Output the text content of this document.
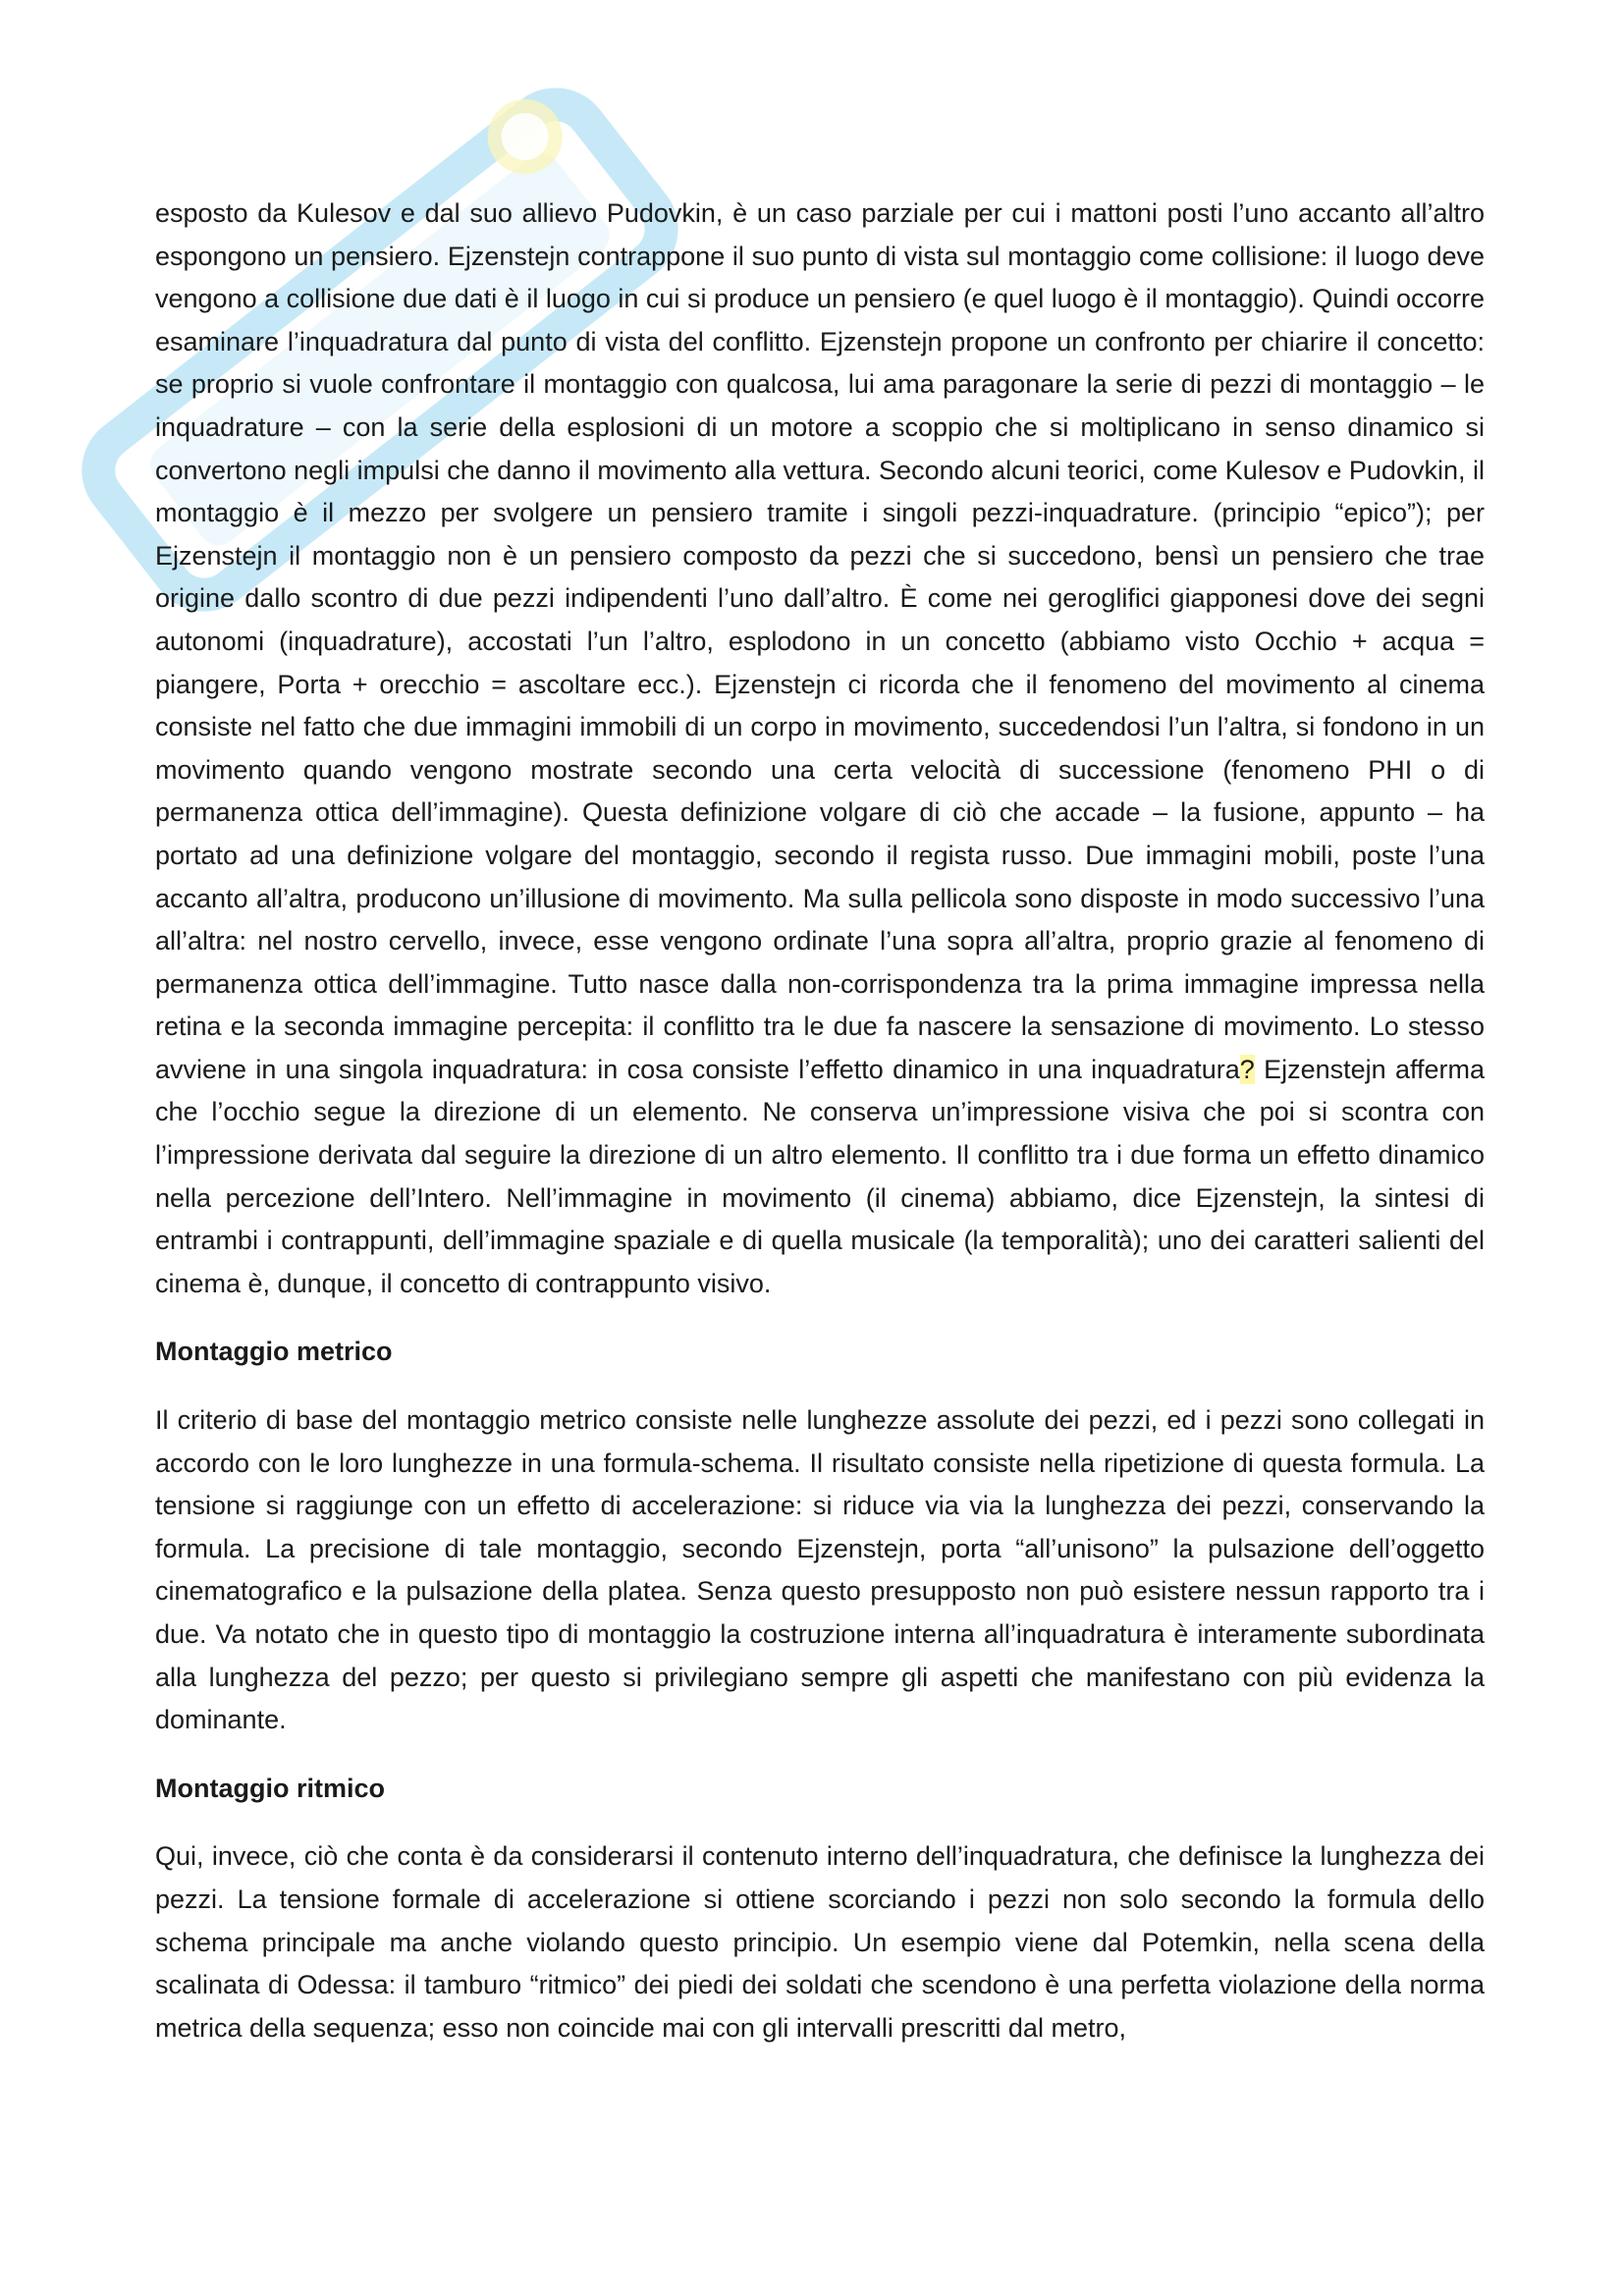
esposto da Kulesov e dal suo allievo Pudovkin, è un caso parziale per cui i mattoni posti l’uno accanto all’altro espongono un pensiero. Ejzenstejn contrappone il suo punto di vista sul montaggio come collisione: il luogo deve vengono a collisione due dati è il luogo in cui si produce un pensiero (e quel luogo è il montaggio). Quindi occorre esaminare l’inquadratura dal punto di vista del conflitto. Ejzenstejn propone un confronto per chiarire il concetto: se proprio si vuole confrontare il montaggio con qualcosa, lui ama paragonare la serie di pezzi di montaggio – le inquadrature – con la serie della esplosioni di un motore a scoppio che si moltiplicano in senso dinamico si convertono negli impulsi che danno il movimento alla vettura. Secondo alcuni teorici, come Kulesov e Pudovkin, il montaggio è il mezzo per svolgere un pensiero tramite i singoli pezzi-inquadrature. (principio “epico”); per Ejzenstejn il montaggio non è un pensiero composto da pezzi che si succedono, bensì un pensiero che trae origine dallo scontro di due pezzi indipendenti l’uno dall’altro. È come nei geroglifici giapponesi dove dei segni autonomi (inquadrature), accostati l’un l’altro, esplodono in un concetto (abbiamo visto Occhio + acqua = piangere, Porta + orecchio = ascoltare ecc.). Ejzenstejn ci ricorda che il fenomeno del movimento al cinema consiste nel fatto che due immagini immobili di un corpo in movimento, succedendosi l’un l’altra, si fondono in un movimento quando vengono mostrate secondo una certa velocità di successione (fenomeno PHI o di permanenza ottica dell’immagine). Questa definizione volgare di ciò che accade – la fusione, appunto – ha portato ad una definizione volgare del montaggio, secondo il regista russo. Due immagini mobili, poste l’una accanto all’altra, producono un’illusione di movimento. Ma sulla pellicola sono disposte in modo successivo l’una all’altra: nel nostro cervello, invece, esse vengono ordinate l’una sopra all’altra, proprio grazie al fenomeno di permanenza ottica dell’immagine. Tutto nasce dalla non-corrispondenza tra la prima immagine impressa nella retina e la seconda immagine percepita: il conflitto tra le due fa nascere la sensazione di movimento. Lo stesso avviene in una singola inquadratura: in cosa consiste l’effetto dinamico in una inquadratura? Ejzenstejn afferma che l’occhio segue la direzione di un elemento. Ne conserva un’impressione visiva che poi si scontra con l’impressione derivata dal seguire la direzione di un altro elemento. Il conflitto tra i due forma un effetto dinamico nella percezione dell’Intero. Nell’immagine in movimento (il cinema) abbiamo, dice Ejzenstejn, la sintesi di entrambi i contrappunti, dell’immagine spaziale e di quella musicale (la temporalità); uno dei caratteri salienti del cinema è, dunque, il concetto di contrappunto visivo.

Montaggio metrico

Il criterio di base del montaggio metrico consiste nelle lunghezze assolute dei pezzi, ed i pezzi sono collegati in accordo con le loro lunghezze in una formula-schema. Il risultato consiste nella ripetizione di questa formula. La tensione si raggiunge con un effetto di accelerazione: si riduce via via la lunghezza dei pezzi, conservando la formula. La precisione di tale montaggio, secondo Ejzenstejn, porta “all’unisono” la pulsazione dell’oggetto cinematografico e la pulsazione della platea. Senza questo presupposto non può esistere nessun rapporto tra i due. Va notato che in questo tipo di montaggio la costruzione interna all’inquadratura è interamente subordinata alla lunghezza del pezzo; per questo si privilegiano sempre gli aspetti che manifestano con più evidenza la dominante.

Montaggio ritmico

Qui, invece, ciò che conta è da considerarsi il contenuto interno dell’inquadratura, che definisce la lunghezza dei pezzi. La tensione formale di accelerazione si ottiene scorciando i pezzi non solo secondo la formula dello schema principale ma anche violando questo principio. Un esempio viene dal Potemkin, nella scena della scalinata di Odessa: il tamburo “ritmico” dei piedi dei soldati che scendono è una perfetta violazione della norma metrica della sequenza; esso non coincide mai con gli intervalli prescritti dal metro,
